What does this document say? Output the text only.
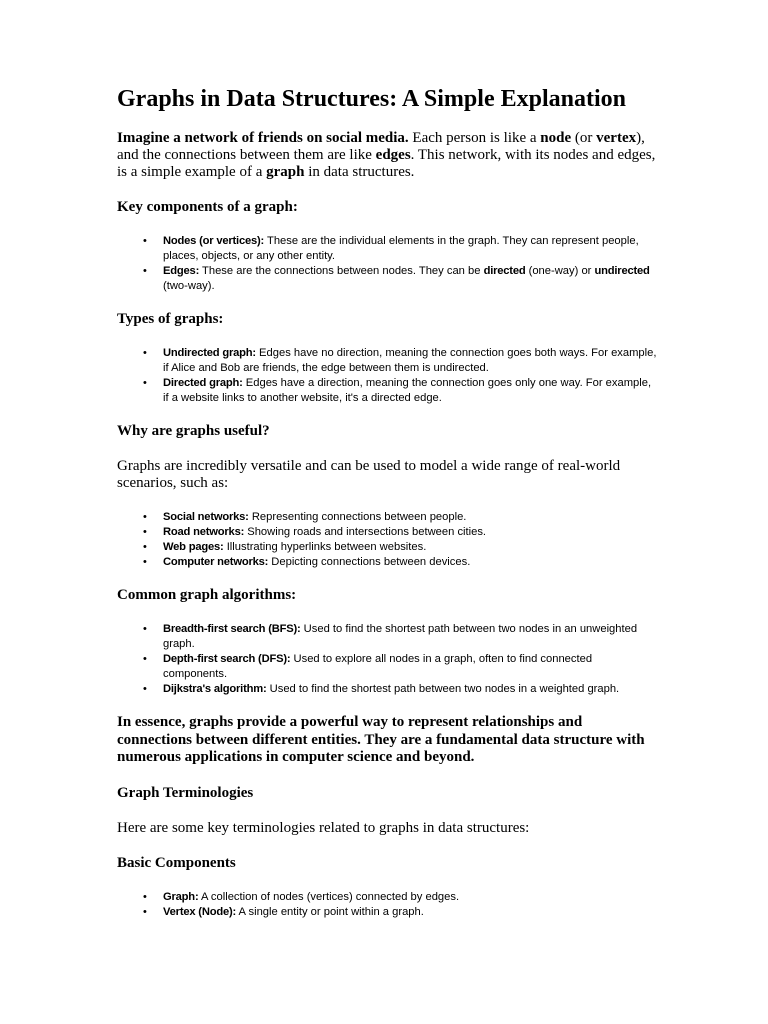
Graphs in Data Structures: A Simple Explanation

Imagine a network of friends on social media. Each person is like a node (or vertex), and the connections between them are like edges. This network, with its nodes and edges, is a simple example of a graph in data structures.

Key components of a graph:
• Nodes (or vertices): These are the individual elements in the graph. They can represent people, places, objects, or any other entity.
• Edges: These are the connections between nodes. They can be directed (one-way) or undirected (two-way).
Types of graphs:
• Undirected graph: Edges have no direction, meaning the connection goes both ways. For example, if Alice and Bob are friends, the edge between them is undirected.
• Directed graph: Edges have a direction, meaning the connection goes only one way. For example, if a website links to another website, it's a directed edge.
Why are graphs useful?

Graphs are incredibly versatile and can be used to model a wide range of real-world scenarios, such as:

• Social networks: Representing connections between people.
• Road networks: Showing roads and intersections between cities.
• Web pages: Illustrating hyperlinks between websites.
• Computer networks: Depicting connections between devices.
Common graph algorithms:
• Breadth-first search (BFS): Used to find the shortest path between two nodes in an unweighted graph.
• Depth-first search (DFS): Used to explore all nodes in a graph, often to find connected components.
• Dijkstra's algorithm: Used to find the shortest path between two nodes in a weighted graph.

In essence, graphs provide a powerful way to represent relationships and connections between different entities. They are a fundamental data structure with numerous applications in computer science and beyond.

Graph Terminologies

Here are some key terminologies related to graphs in data structures:

Basic Components
• Graph: A collection of nodes (vertices) connected by edges.
• Vertex (Node): A single entity or point within a graph.
